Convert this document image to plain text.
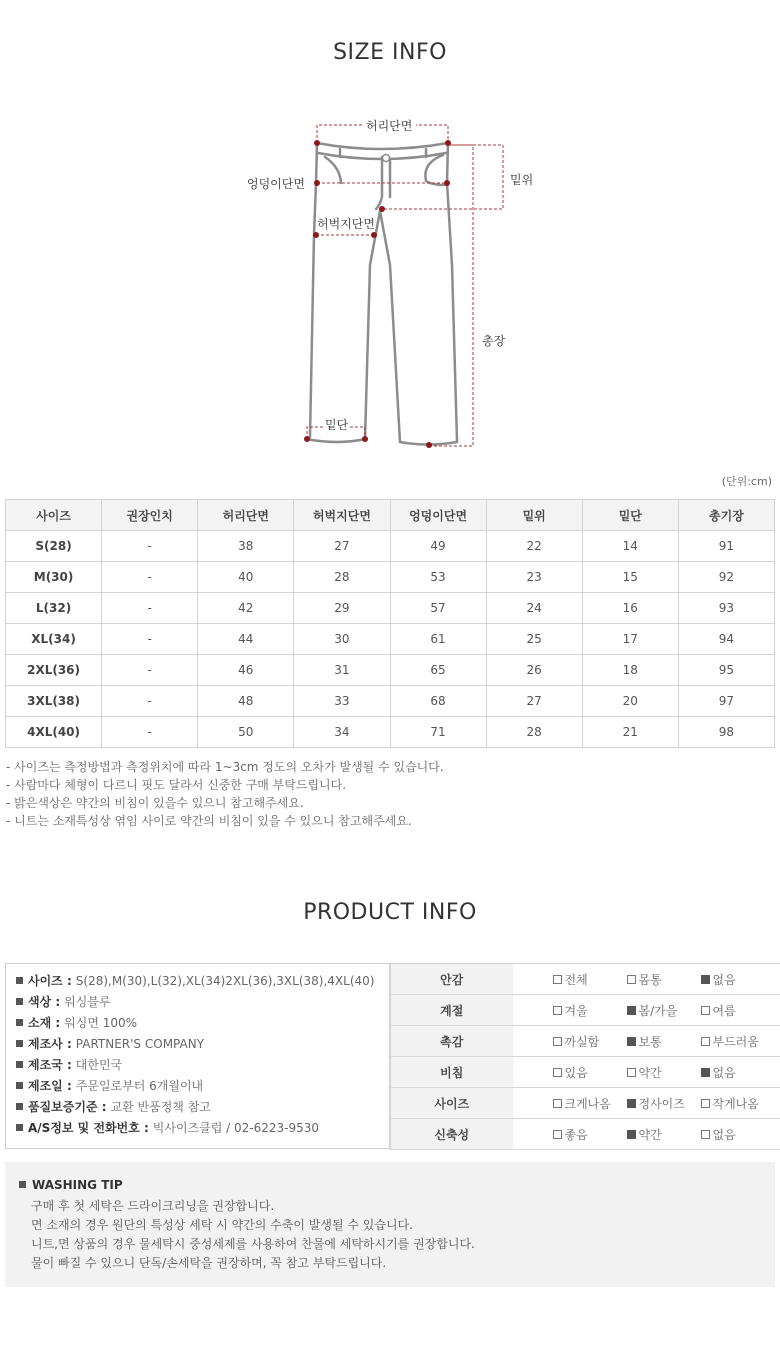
SIZE INFO
허리단면
엉덩이단면
허벅지단면
밑위
총장
밑단
(단위:cm)
사이즈	권장인치	허리단면	허벅지단면	엉덩이단면	밑위	밑단	총기장
S(28)	-	38	27	49	22	14	91
M(30)	-	40	28	53	23	15	92
L(32)	-	42	29	57	24	16	93
XL(34)	-	44	30	61	25	17	94
2XL(36)	-	46	31	65	26	18	95
3XL(38)	-	48	33	68	27	20	97
4XL(40)	-	50	34	71	28	21	98
- 사이즈는 측정방법과 측정위치에 따라 1~3cm 정도의 오차가 발생될 수 있습니다.
- 사람마다 체형이 다르니 핏도 달라서 신중한 구매 부탁드립니다.
- 밝은색상은 약간의 비침이 있을수 있으니 참고해주세요.
- 니트는 소재특성상 엮임 사이로 약간의 비침이 있을 수 있으니 참고해주세요.
PRODUCT INFO
사이즈 : S(28),M(30),L(32),XL(34)2XL(36),3XL(38),4XL(40)
색상 : 워싱블루
소재 : 워싱면 100%
제조사 : PARTNER'S COMPANY
제조국 : 대한민국
제조일 : 주문일로부터 6개월이내
품질보증기준 : 교환 반품정책 참고
A/S정보 및 전화번호 : 빅사이즈클럽 / 02-6223-9530
안감		전체	몸통	없음
계절		겨울	봄/가을	여름
촉감		까실함	보통	부드러움
비침		있음	약간	없음
사이즈		크게나옴	정사이즈	작게나옴
신축성		좋음	약간	없음
WASHING TIP
구매 후 첫 세탁은 드라이크리닝을 권장합니다.
면 소재의 경우 원단의 특성상 세탁 시 약간의 수축이 발생될 수 있습니다.
니트,면 상품의 경우 물세탁시 중성세제를 사용하여 찬물에 세탁하시기를 권장합니다.
물이 빠질 수 있으니 단독/손세탁을 권장하며, 꼭 참고 부탁드립니다.
